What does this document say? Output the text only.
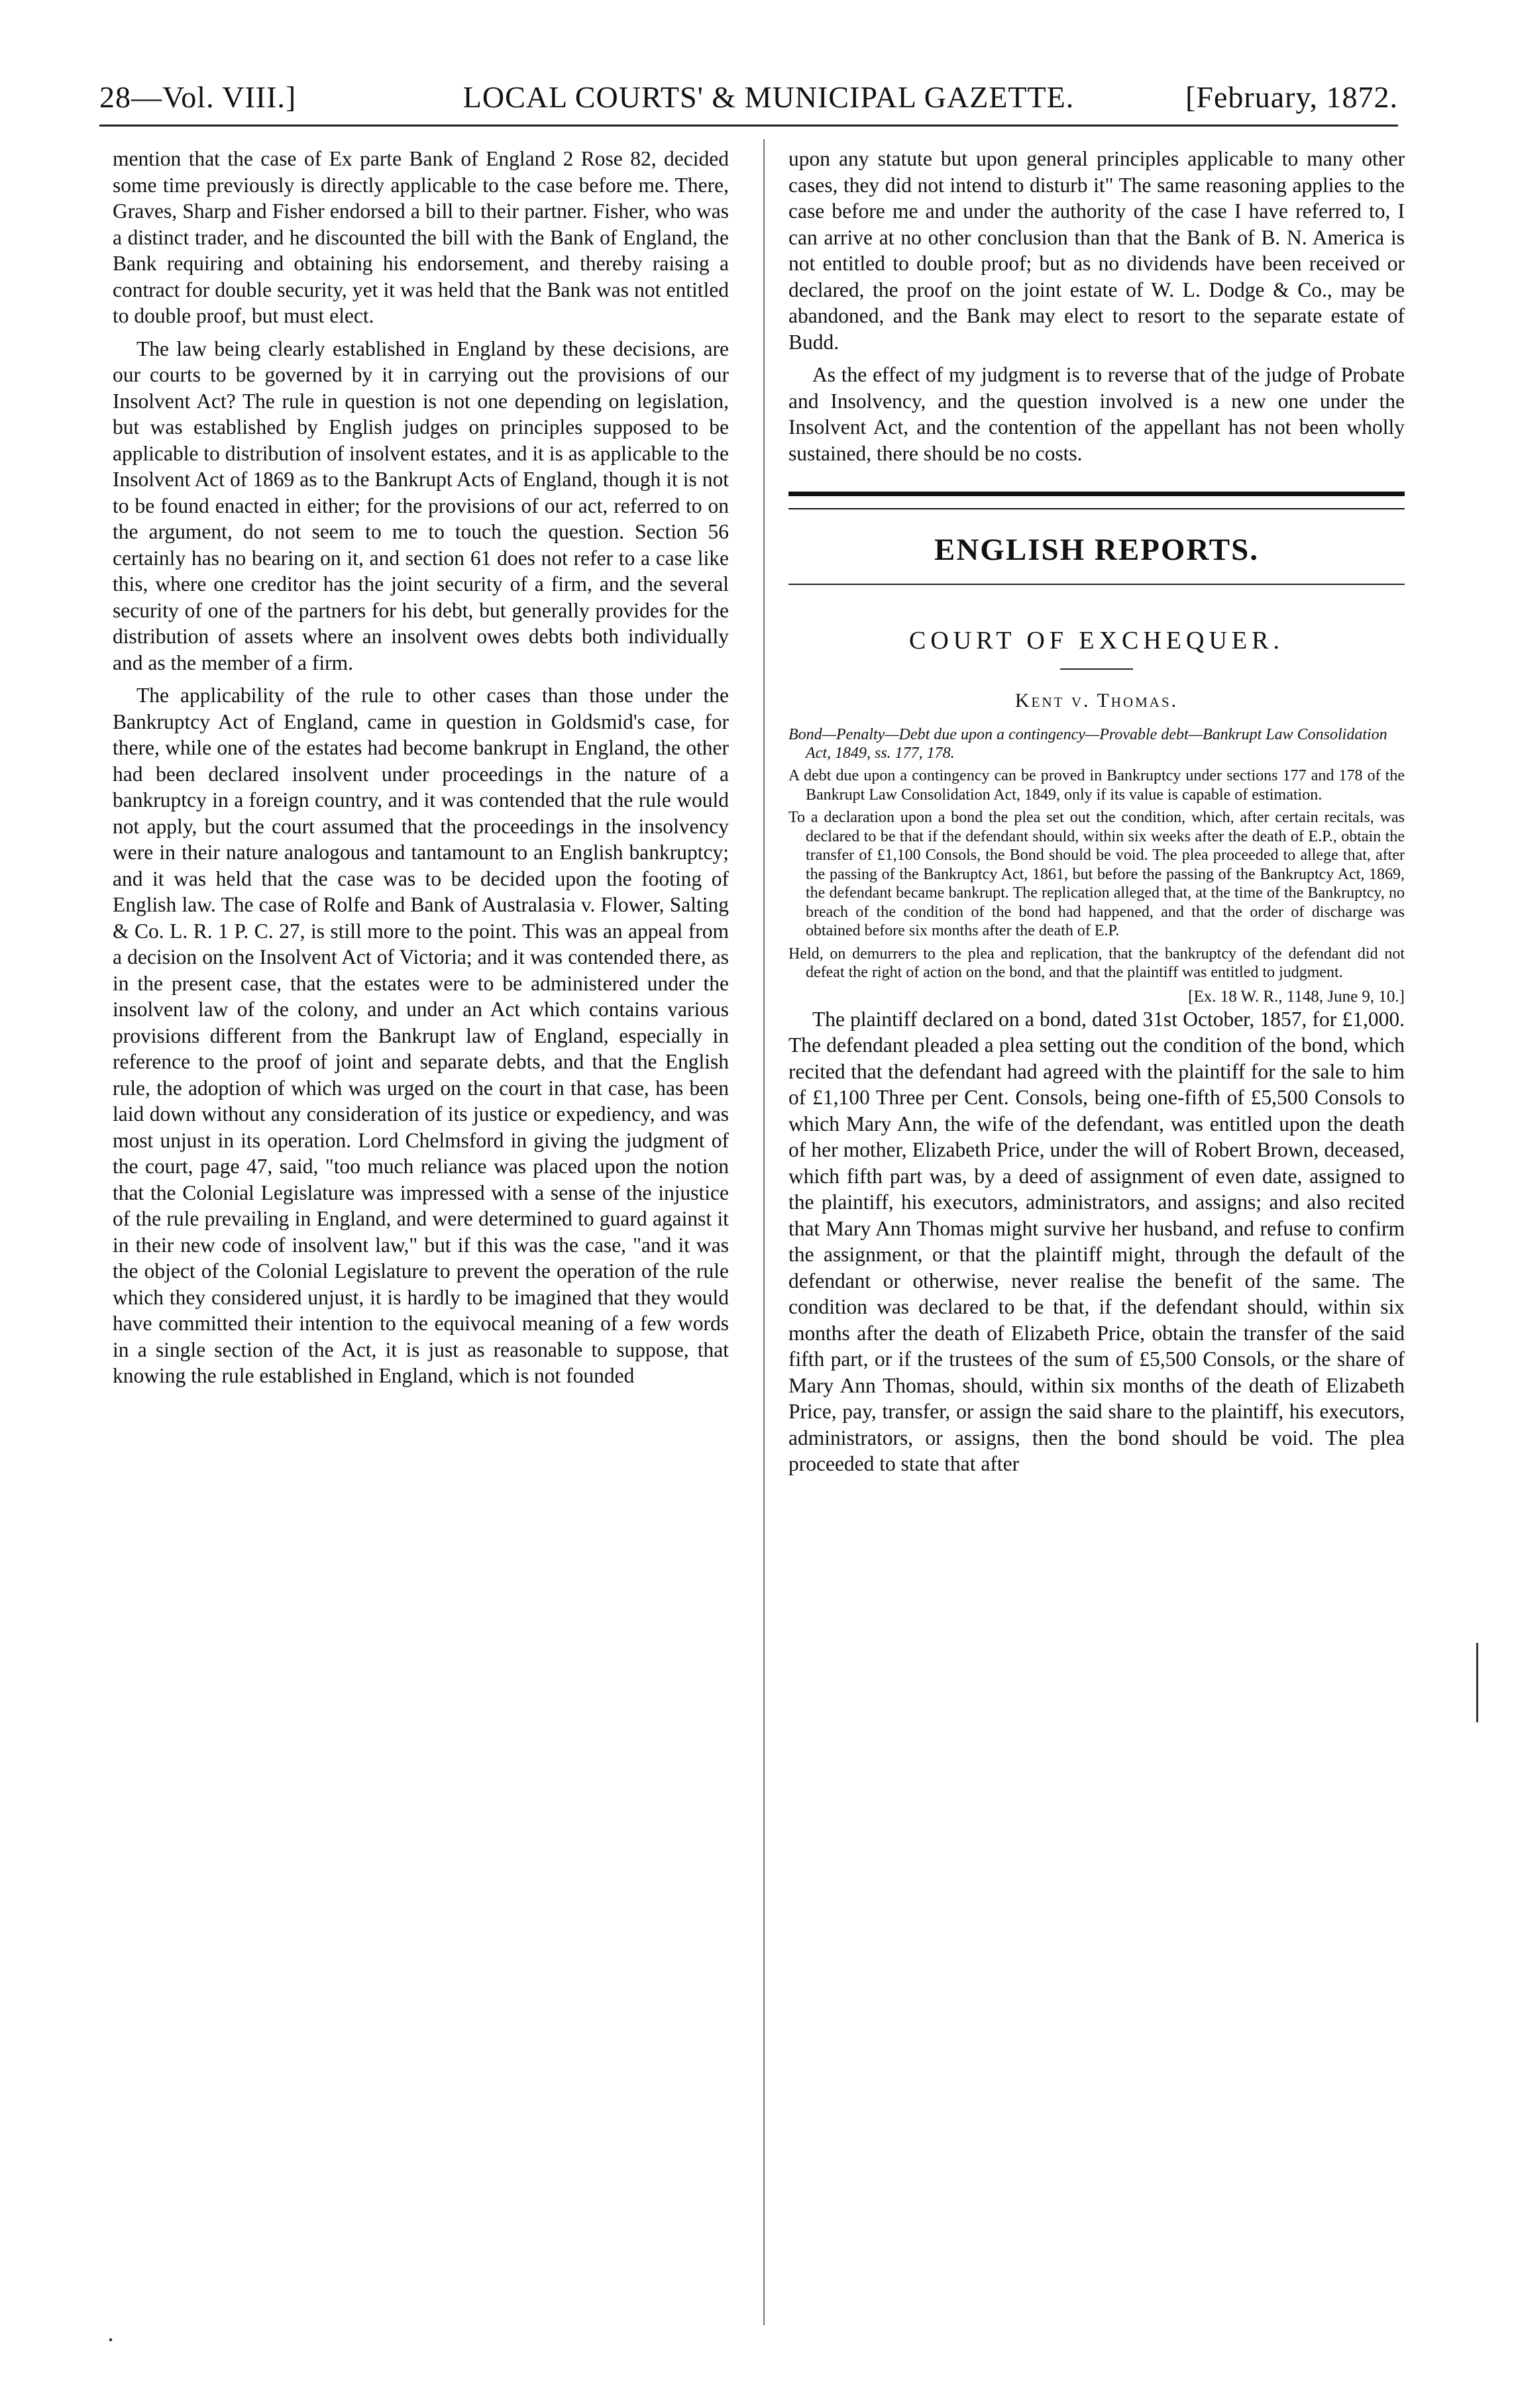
28—Vol. VIII.]	LOCAL COURTS' & MUNICIPAL GAZETTE.	[February, 1872.

mention that the case of Ex parte Bank of England 2 Rose 82, decided some time previously is directly applicable to the case before me. There, Graves, Sharp and Fisher endorsed a bill to their partner. Fisher, who was a distinct trader, and he discounted the bill with the Bank of England, the Bank requiring and obtaining his endorsement, and thereby raising a contract for double security, yet it was held that the Bank was not entitled to double proof, but must elect.

The law being clearly established in England by these decisions, are our courts to be governed by it in carrying out the provisions of our Insolvent Act? The rule in question is not one depending on legislation, but was established by English judges on principles supposed to be applicable to distribution of insolvent estates, and it is as applicable to the Insolvent Act of 1869 as to the Bankrupt Acts of England, though it is not to be found enacted in either; for the provisions of our act, referred to on the argument, do not seem to me to touch the question. Section 56 certainly has no bearing on it, and section 61 does not refer to a case like this, where one creditor has the joint security of a firm, and the several security of one of the partners for his debt, but generally provides for the distribution of assets where an insolvent owes debts both individually and as the member of a firm.

The applicability of the rule to other cases than those under the Bankruptcy Act of England, came in question in Goldsmid's case, for there, while one of the estates had become bankrupt in England, the other had been declared insolvent under proceedings in the nature of a bankruptcy in a foreign country, and it was contended that the rule would not apply, but the court assumed that the proceedings in the insolvency were in their nature analogous and tantamount to an English bankruptcy; and it was held that the case was to be decided upon the footing of English law. The case of Rolfe and Bank of Australasia v. Flower, Salting & Co. L. R. 1 P. C. 27, is still more to the point. This was an appeal from a decision on the Insolvent Act of Victoria; and it was contended there, as in the present case, that the estates were to be administered under the insolvent law of the colony, and under an Act which contains various provisions different from the Bankrupt law of England, especially in reference to the proof of joint and separate debts, and that the English rule, the adoption of which was urged on the court in that case, has been laid down without any consideration of its justice or expediency, and was most unjust in its operation. Lord Chelmsford in giving the judgment of the court, page 47, said, "too much reliance was placed upon the notion that the Colonial Legislature was impressed with a sense of the injustice of the rule prevailing in England, and were determined to guard against it in their new code of insolvent law," but if this was the case, "and it was the object of the Colonial Legislature to prevent the operation of the rule which they considered unjust, it is hardly to be imagined that they would have committed their intention to the equivocal meaning of a few words in a single section of the Act, it is just as reasonable to suppose, that knowing the rule established in England, which is not founded

upon any statute but upon general principles applicable to many other cases, they did not intend to disturb it" The same reasoning applies to the case before me and under the authority of the case I have referred to, I can arrive at no other conclusion than that the Bank of B. N. America is not entitled to double proof; but as no dividends have been received or declared, the proof on the joint estate of W. L. Dodge & Co., may be abandoned, and the Bank may elect to resort to the separate estate of Budd.

As the effect of my judgment is to reverse that of the judge of Probate and Insolvency, and the question involved is a new one under the Insolvent Act, and the contention of the appellant has not been wholly sustained, there should be no costs.

ENGLISH REPORTS.
COURT OF EXCHEQUER.
Kent v. Thomas.
Bond—Penalty—Debt due upon a contingency—Provable debt—Bankrupt Law Consolidation Act, 1849, ss. 177, 178.

A debt due upon a contingency can be proved in Bankruptcy under sections 177 and 178 of the Bankrupt Law Consolidation Act, 1849, only if its value is capable of estimation.

To a declaration upon a bond the plea set out the condition, which, after certain recitals, was declared to be that if the defendant should, within six weeks after the death of E.P., obtain the transfer of £1,100 Consols, the Bond should be void. The plea proceeded to allege that, after the passing of the Bankruptcy Act, 1861, but before the passing of the Bankruptcy Act, 1869, the defendant became bankrupt. The replication alleged that, at the time of the Bankruptcy, no breach of the condition of the bond had happened, and that the order of discharge was obtained before six months after the death of E.P.

Held, on demurrers to the plea and replication, that the bankruptcy of the defendant did not defeat the right of action on the bond, and that the plaintiff was entitled to judgment.

[Ex. 18 W. R., 1148, June 9, 10.]

The plaintiff declared on a bond, dated 31st October, 1857, for £1,000. The defendant pleaded a plea setting out the condition of the bond, which recited that the defendant had agreed with the plaintiff for the sale to him of £1,100 Three per Cent. Consols, being one-fifth of £5,500 Consols to which Mary Ann, the wife of the defendant, was entitled upon the death of her mother, Elizabeth Price, under the will of Robert Brown, deceased, which fifth part was, by a deed of assignment of even date, assigned to the plaintiff, his executors, administrators, and assigns; and also recited that Mary Ann Thomas might survive her husband, and refuse to confirm the assignment, or that the plaintiff might, through the default of the defendant or otherwise, never realise the benefit of the same. The condition was declared to be that, if the defendant should, within six months after the death of Elizabeth Price, obtain the transfer of the said fifth part, or if the trustees of the sum of £5,500 Consols, or the share of Mary Ann Thomas, should, within six months of the death of Elizabeth Price, pay, transfer, or assign the said share to the plaintiff, his executors, administrators, or assigns, then the bond should be void. The plea proceeded to state that after
